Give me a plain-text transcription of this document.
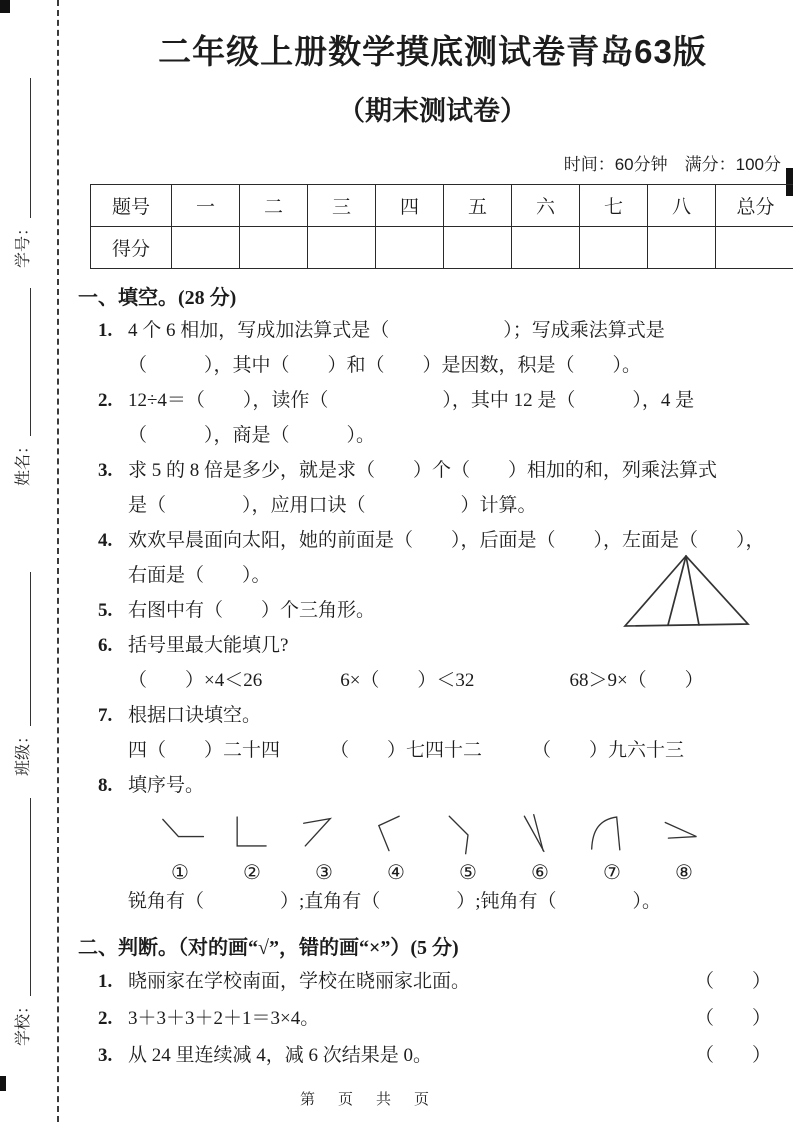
学号：
姓名：
班级：
学校：
二年级上册数学摸底测试卷青岛63版
（期末测试卷）
时间：60分钟　满分：100分
题号	一	二	三	四	五	六	七	八	总分
得分									
一、填空。(28 分)
1. 4 个 6 相加，写成加法算式是（　　　　　　）；写成乘法算式是
（　　　），其中（　　）和（　　）是因数，积是（　　）。
2. 12÷4＝（　　），读作（　　　　　　），其中 12 是（　　　），4 是
（　　　），商是（　　　）。
3. 求 5 的 8 倍是多少，就是求（　　）个（　　）相加的和，列乘法算式
是（　　　　），应用口诀（　　　　　）计算。
4. 欢欢早晨面向太阳，她的前面是（　　），后面是（　　），左面是（　　），
右面是（　　）。
5. 右图中有（　　）个三角形。
6. 括号里最大能填几?
（　　）×4＜26	6×（　　）＜32	68＞9×（　　）
7. 根据口诀填空。
四（　　）二十四	（　　）七四十二	（　　）九六十三
8. 填序号。
①	②	③	④	⑤	⑥	⑦	⑧
锐角有（　　　　）;直角有（　　　　）;钝角有（　　　　）。
二、判断。（对的画“√”，错的画“×”）(5 分)
1. 晓丽家在学校南面，学校在晓丽家北面。	（　　）
2. 3＋3＋3＋2＋1＝3×4。	（　　）
3. 从 24 里连续减 4，减 6 次结果是 0。	（　　）
第　页　共　页
